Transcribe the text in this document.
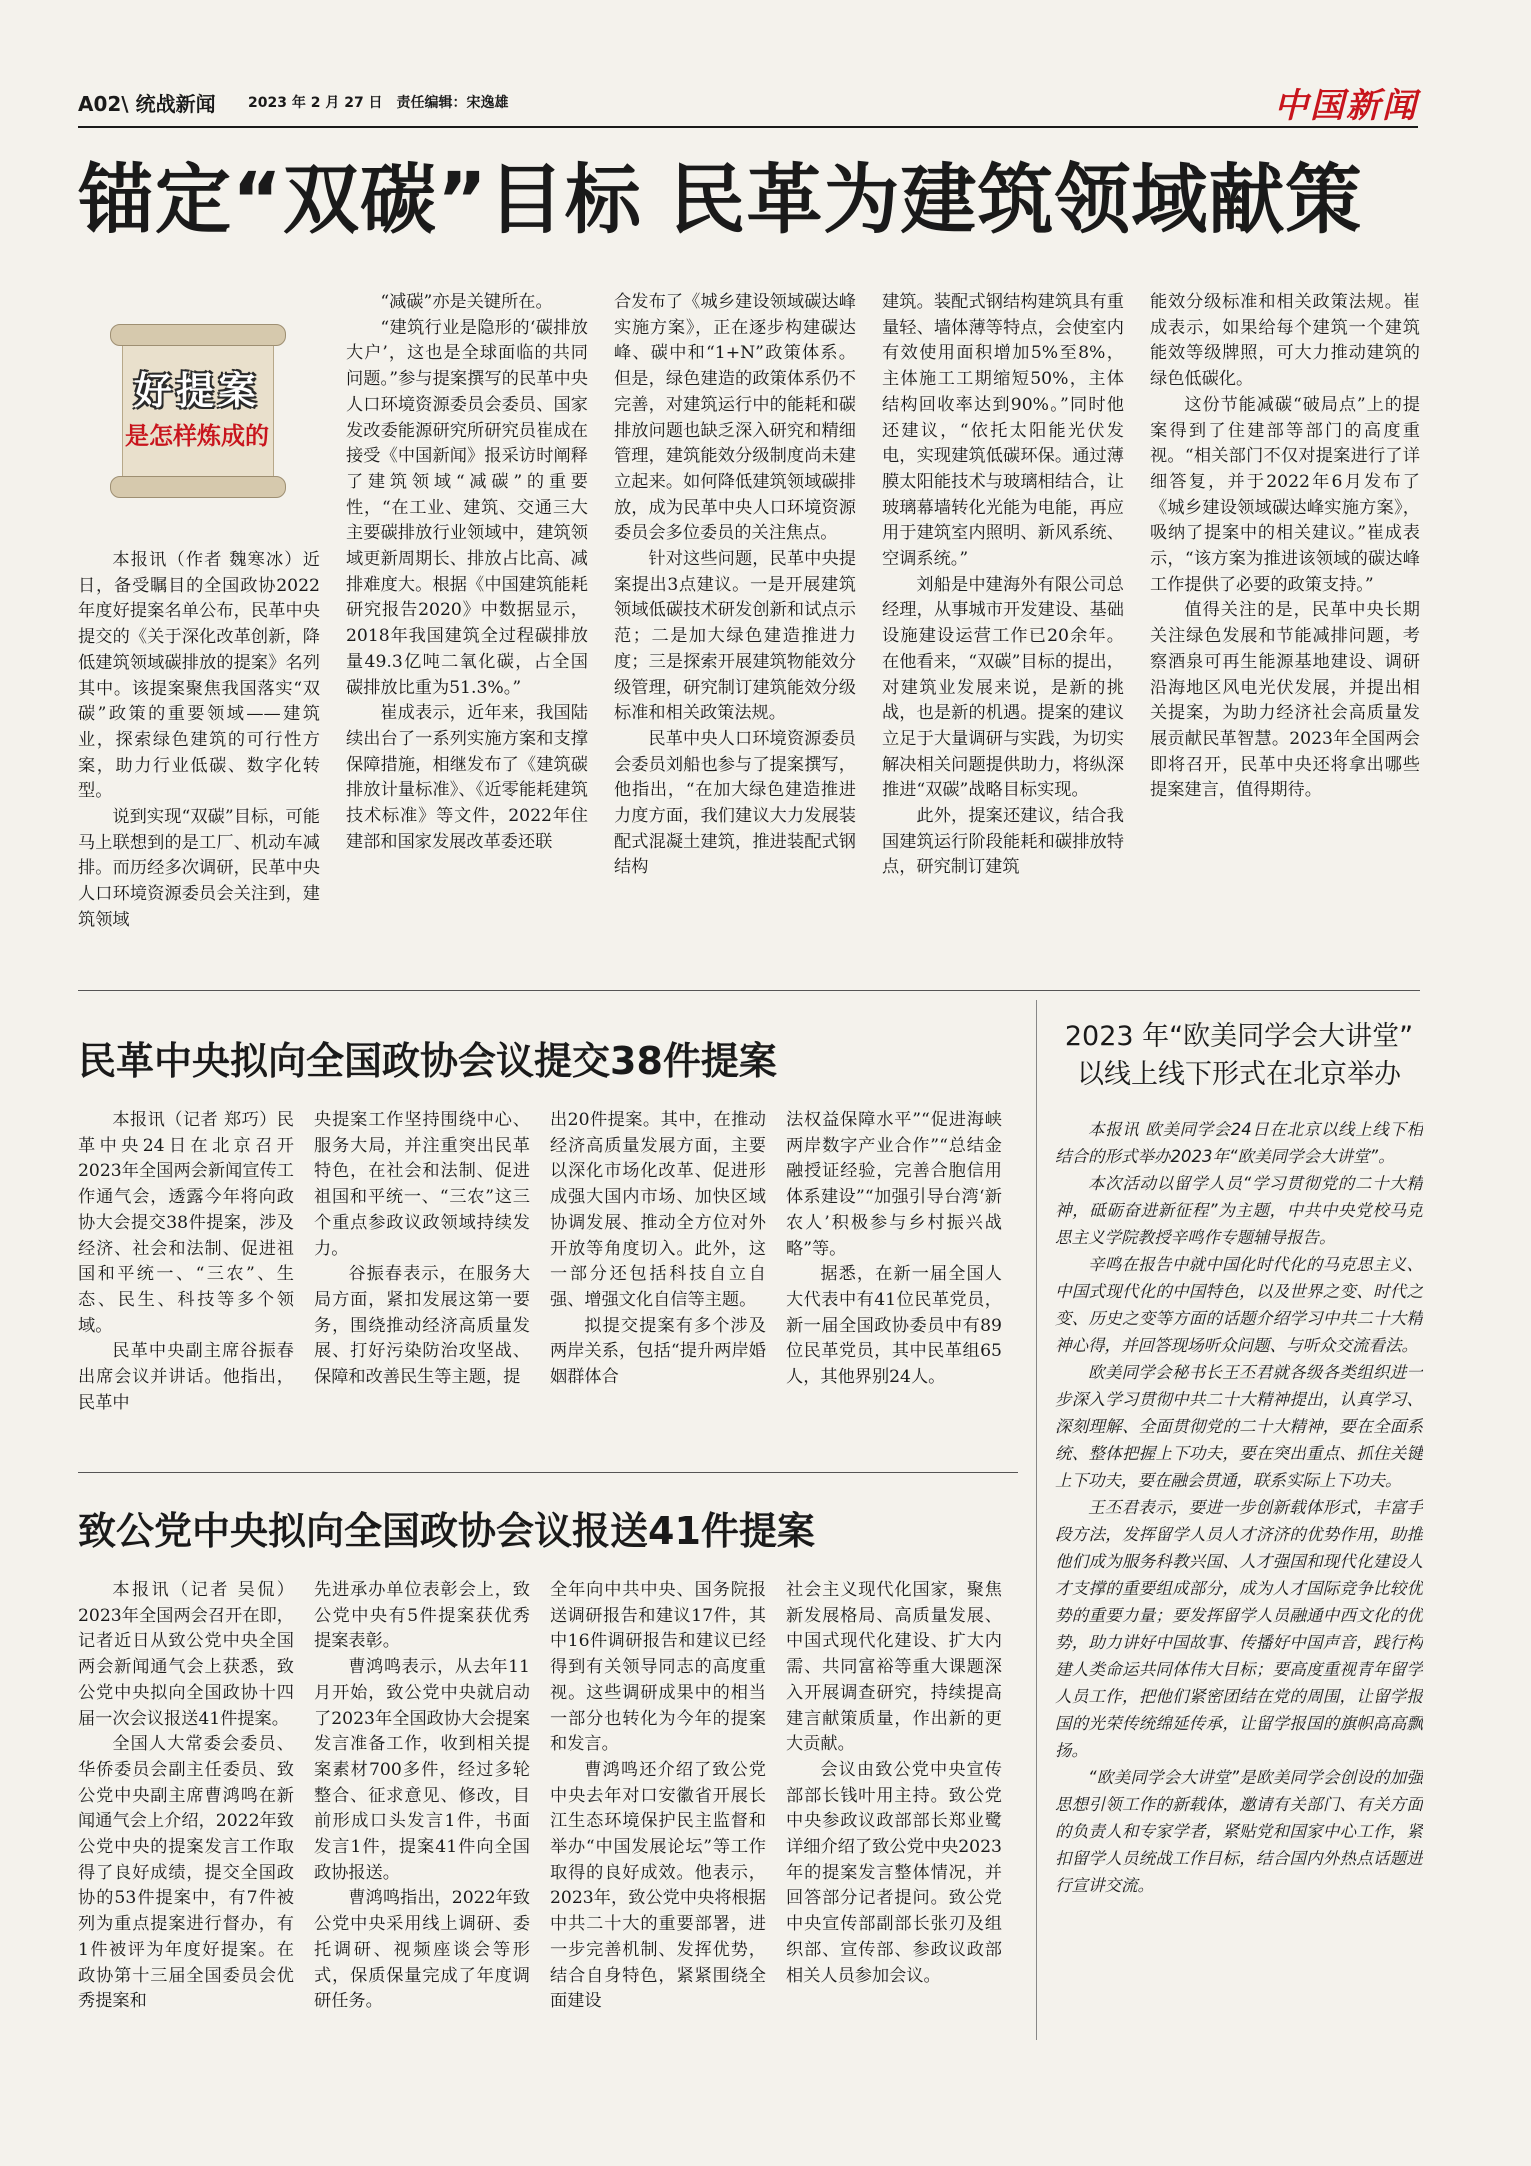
A02\ 统战新闻 2023 年 2 月 27 日　责任编辑：宋逸雄	中国新闻
锚定“双碳”目标 民革为建筑领域献策
好提案
是怎样炼成的

本报讯（作者 魏寒冰）近日，备受瞩目的全国政协2022年度好提案名单公布，民革中央提交的《关于深化改革创新，降低建筑领域碳排放的提案》名列其中。该提案聚焦我国落实“双碳”政策的重要领域——建筑业，探索绿色建筑的可行性方案，助力行业低碳、数字化转型。

说到实现“双碳”目标，可能马上联想到的是工厂、机动车减排。而历经多次调研，民革中央人口环境资源委员会关注到，建筑领域

“减碳”亦是关键所在。

“建筑行业是隐形的‘碳排放大户’，这也是全球面临的共同问题。”参与提案撰写的民革中央人口环境资源委员会委员、国家发改委能源研究所研究员崔成在接受《中国新闻》报采访时阐释了建筑领域“减碳”的重要性，“在工业、建筑、交通三大主要碳排放行业领域中，建筑领域更新周期长、排放占比高、减排难度大。根据《中国建筑能耗研究报告2020》中数据显示，2018年我国建筑全过程碳排放量49.3亿吨二氧化碳，占全国碳排放比重为51.3%。”

崔成表示，近年来，我国陆续出台了一系列实施方案和支撑保障措施，相继发布了《建筑碳排放计量标准》、《近零能耗建筑技术标准》等文件，2022年住建部和国家发展改革委还联

合发布了《城乡建设领域碳达峰实施方案》，正在逐步构建碳达峰、碳中和“1+N”政策体系。但是，绿色建造的政策体系仍不完善，对建筑运行中的能耗和碳排放问题也缺乏深入研究和精细管理，建筑能效分级制度尚未建立起来。如何降低建筑领域碳排放，成为民革中央人口环境资源委员会多位委员的关注焦点。

针对这些问题，民革中央提案提出3点建议。一是开展建筑领域低碳技术研发创新和试点示范；二是加大绿色建造推进力度；三是探索开展建筑物能效分级管理，研究制订建筑能效分级标准和相关政策法规。

民革中央人口环境资源委员会委员刘船也参与了提案撰写，他指出，“在加大绿色建造推进力度方面，我们建议大力发展装配式混凝土建筑，推进装配式钢结构

建筑。装配式钢结构建筑具有重量轻、墙体薄等特点，会使室内有效使用面积增加5%至8%，主体施工工期缩短50%，主体结构回收率达到90%。”同时他还建议，“依托太阳能光伏发电，实现建筑低碳环保。通过薄膜太阳能技术与玻璃相结合，让玻璃幕墙转化光能为电能，再应用于建筑室内照明、新风系统、空调系统。”

刘船是中建海外有限公司总经理，从事城市开发建设、基础设施建设运营工作已20余年。在他看来，“双碳”目标的提出，对建筑业发展来说，是新的挑战，也是新的机遇。提案的建议立足于大量调研与实践，为切实解决相关问题提供助力，将纵深推进“双碳”战略目标实现。

此外，提案还建议，结合我国建筑运行阶段能耗和碳排放特点，研究制订建筑

能效分级标准和相关政策法规。崔成表示，如果给每个建筑一个建筑能效等级牌照，可大力推动建筑的绿色低碳化。

这份节能减碳“破局点”上的提案得到了住建部等部门的高度重视。“相关部门不仅对提案进行了详细答复，并于2022年6月发布了《城乡建设领域碳达峰实施方案》，吸纳了提案中的相关建议。”崔成表示，“该方案为推进该领域的碳达峰工作提供了必要的政策支持。”

值得关注的是，民革中央长期关注绿色发展和节能减排问题，考察酒泉可再生能源基地建设、调研沿海地区风电光伏发展，并提出相关提案，为助力经济社会高质量发展贡献民革智慧。2023年全国两会即将召开，民革中央还将拿出哪些提案建言，值得期待。

民革中央拟向全国政协会议提交38件提案

本报讯（记者 郑巧）民革中央24日在北京召开2023年全国两会新闻宣传工作通气会，透露今年将向政协大会提交38件提案，涉及经济、社会和法制、促进祖国和平统一、“三农”、生态、民生、科技等多个领域。

民革中央副主席谷振春出席会议并讲话。他指出，民革中

央提案工作坚持围绕中心、服务大局，并注重突出民革特色，在社会和法制、促进祖国和平统一、“三农”这三个重点参政议政领域持续发力。

谷振春表示，在服务大局方面，紧扣发展这第一要务，围绕推动经济高质量发展、打好污染防治攻坚战、保障和改善民生等主题，提

出20件提案。其中，在推动经济高质量发展方面，主要以深化市场化改革、促进形成强大国内市场、加快区域协调发展、推动全方位对外开放等角度切入。此外，这一部分还包括科技自立自强、增强文化自信等主题。

拟提交提案有多个涉及两岸关系，包括“提升两岸婚姻群体合

法权益保障水平”“促进海峡两岸数字产业合作”“总结金融授证经验，完善合胞信用体系建设”“加强引导台湾‘新农人’积极参与乡村振兴战略”等。

据悉，在新一届全国人大代表中有41位民革党员，新一届全国政协委员中有89位民革党员，其中民革组65人，其他界别24人。

致公党中央拟向全国政协会议报送41件提案

本报讯（记者 吴侃）2023年全国两会召开在即，记者近日从致公党中央全国两会新闻通气会上获悉，致公党中央拟向全国政协十四届一次会议报送41件提案。

全国人大常委会委员、华侨委员会副主任委员、致公党中央副主席曹鸿鸣在新闻通气会上介绍，2022年致公党中央的提案发言工作取得了良好成绩，提交全国政协的53件提案中，有7件被列为重点提案进行督办，有1件被评为年度好提案。在政协第十三届全国委员会优秀提案和

先进承办单位表彰会上，致公党中央有5件提案获优秀提案表彰。

曹鸿鸣表示，从去年11月开始，致公党中央就启动了2023年全国政协大会提案发言准备工作，收到相关提案素材700多件，经过多轮整合、征求意见、修改，目前形成口头发言1件，书面发言1件，提案41件向全国政协报送。

曹鸿鸣指出，2022年致公党中央采用线上调研、委托调研、视频座谈会等形式，保质保量完成了年度调研任务。

全年向中共中央、国务院报送调研报告和建议17件，其中16件调研报告和建议已经得到有关领导同志的高度重视。这些调研成果中的相当一部分也转化为今年的提案和发言。

曹鸿鸣还介绍了致公党中央去年对口安徽省开展长江生态环境保护民主监督和举办“中国发展论坛”等工作取得的良好成效。他表示，2023年，致公党中央将根据中共二十大的重要部署，进一步完善机制、发挥优势，结合自身特色，紧紧围绕全面建设

社会主义现代化国家，聚焦新发展格局、高质量发展、中国式现代化建设、扩大内需、共同富裕等重大课题深入开展调查研究，持续提高建言献策质量，作出新的更大贡献。

会议由致公党中央宣传部部长钱叶用主持。致公党中央参政议政部部长郑业鹭详细介绍了致公党中央2023年的提案发言整体情况，并回答部分记者提问。致公党中央宣传部副部长张刃及组织部、宣传部、参政议政部相关人员参加会议。

2023 年“欧美同学会大讲堂”
以线上线下形式在北京举办

本报讯 欧美同学会24日在北京以线上线下相结合的形式举办2023年“欧美同学会大讲堂”。

本次活动以留学人员“学习贯彻党的二十大精神，砥砺奋进新征程”为主题，中共中央党校马克思主义学院教授辛鸣作专题辅导报告。

辛鸣在报告中就中国化时代化的马克思主义、中国式现代化的中国特色，以及世界之变、时代之变、历史之变等方面的话题介绍学习中共二十大精神心得，并回答现场听众问题、与听众交流看法。

欧美同学会秘书长王丕君就各级各类组织进一步深入学习贯彻中共二十大精神提出，认真学习、深刻理解、全面贯彻党的二十大精神，要在全面系统、整体把握上下功夫，要在突出重点、抓住关键上下功夫，要在融会贯通，联系实际上下功夫。

王丕君表示，要进一步创新载体形式，丰富手段方法，发挥留学人员人才济济的优势作用，助推他们成为服务科教兴国、人才强国和现代化建设人才支撑的重要组成部分，成为人才国际竞争比较优势的重要力量；要发挥留学人员融通中西文化的优势，助力讲好中国故事、传播好中国声音，践行构建人类命运共同体伟大目标；要高度重视青年留学人员工作，把他们紧密团结在党的周围，让留学报国的光荣传统绵延传承，让留学报国的旗帜高高飘扬。

“欧美同学会大讲堂”是欧美同学会创设的加强思想引领工作的新载体，邀请有关部门、有关方面的负责人和专家学者，紧贴党和国家中心工作，紧扣留学人员统战工作目标，结合国内外热点话题进行宣讲交流。
